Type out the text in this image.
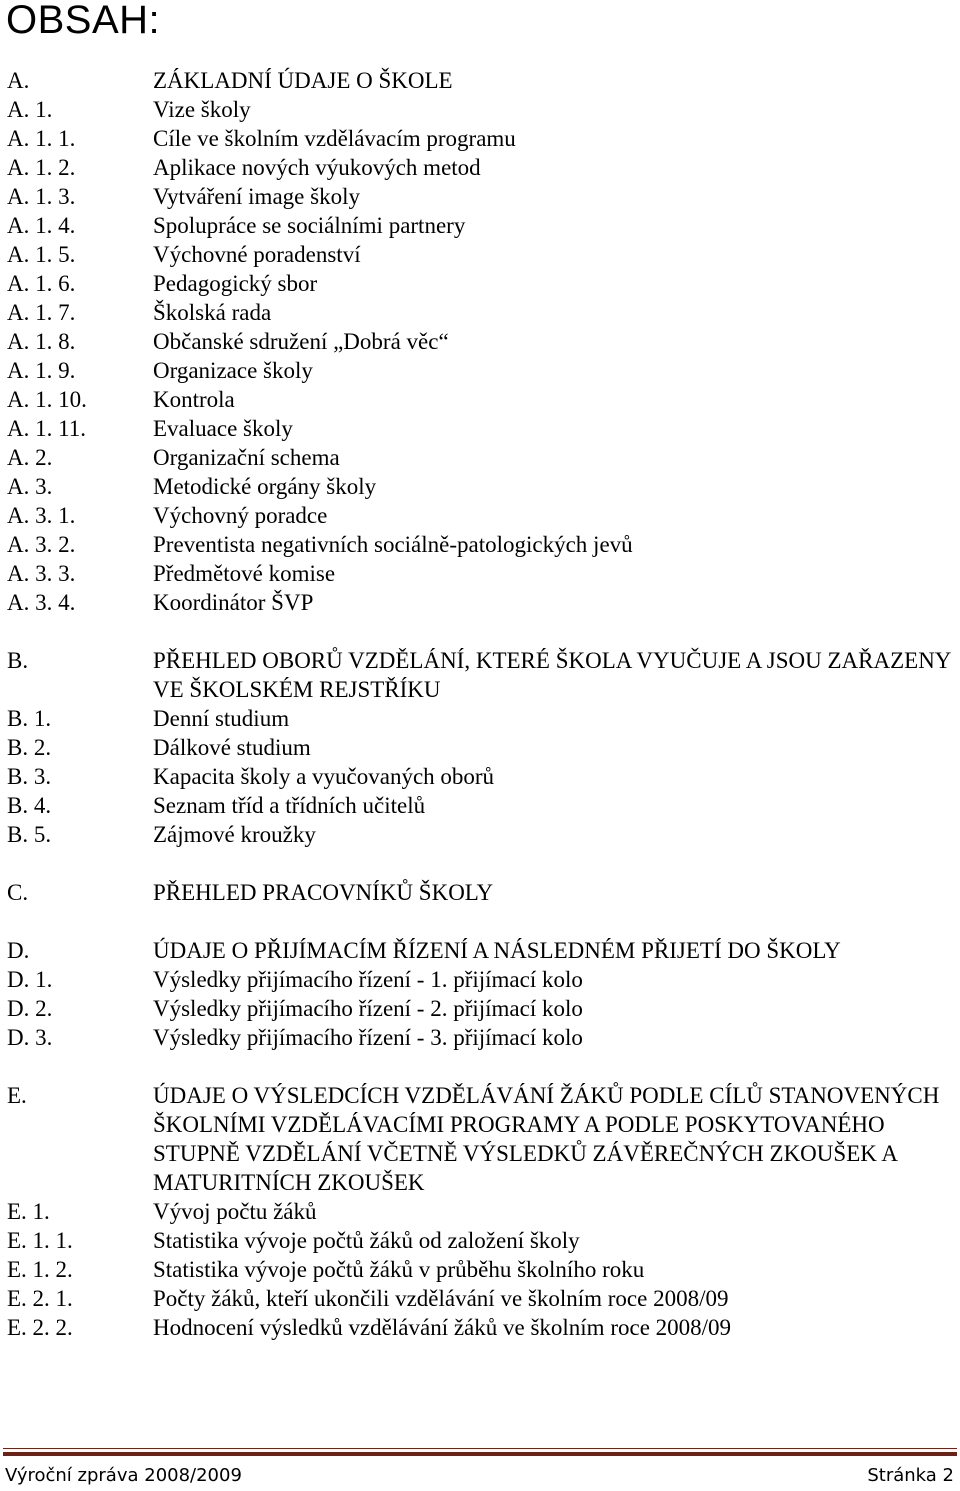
OBSAH:
A.	ZÁKLADNÍ ÚDAJE O ŠKOLE
A. 1.	Vize školy
A. 1. 1.	Cíle ve školním vzdělávacím programu
A. 1. 2.	Aplikace nových výukových metod
A. 1. 3.	Vytváření image školy
A. 1. 4.	Spolupráce se sociálními partnery
A. 1. 5.	Výchovné poradenství
A. 1. 6.	Pedagogický sbor
A. 1. 7.	Školská rada
A. 1. 8.	Občanské sdružení „Dobrá věc“
A. 1. 9.	Organizace školy
A. 1. 10.	Kontrola
A. 1. 11.	Evaluace školy
A. 2.	Organizační schema
A. 3.	Metodické orgány školy
A. 3. 1.	Výchovný poradce
A. 3. 2.	Preventista negativních sociálně-patologických jevů
A. 3. 3.	Předmětové komise
A. 3. 4.	Koordinátor ŠVP
B.	PŘEHLED OBORŮ VZDĚLÁNÍ, KTERÉ ŠKOLA VYUČUJE A JSOU ZAŘAZENY VE ŠKOLSKÉM REJSTŘÍKU
B. 1.	Denní studium
B. 2.	Dálkové studium
B. 3.	Kapacita školy a vyučovaných oborů
B. 4.	Seznam tříd a třídních učitelů
B. 5.	Zájmové kroužky
C.	PŘEHLED PRACOVNÍKŮ ŠKOLY
D.	ÚDAJE O PŘIJÍMACÍM ŘÍZENÍ A NÁSLEDNÉM PŘIJETÍ DO ŠKOLY
D. 1.	Výsledky přijímacího řízení - 1. přijímací kolo
D. 2.	Výsledky přijímacího řízení - 2. přijímací kolo
D. 3.	Výsledky přijímacího řízení - 3. přijímací kolo
E.	ÚDAJE O VÝSLEDCÍCH VZDĚLÁVÁNÍ ŽÁKŮ PODLE CÍLŮ STANOVENÝCH ŠKOLNÍMI VZDĚLÁVACÍMI PROGRAMY A PODLE POSKYTOVANÉHO STUPNĚ VZDĚLÁNÍ VČETNĚ VÝSLEDKŮ ZÁVĚREČNÝCH ZKOUŠEK A MATURITNÍCH ZKOUŠEK
E. 1.	Vývoj počtu žáků
E. 1. 1.	Statistika vývoje počtů žáků od založení školy
E. 1. 2.	Statistika vývoje počtů žáků v průběhu školního roku
E. 2. 1.	Počty žáků, kteří ukončili vzdělávání ve školním roce 2008/09
E. 2. 2.	Hodnocení výsledků vzdělávání žáků ve školním roce 2008/09
Výroční zpráva 2008/2009	Stránka 2
